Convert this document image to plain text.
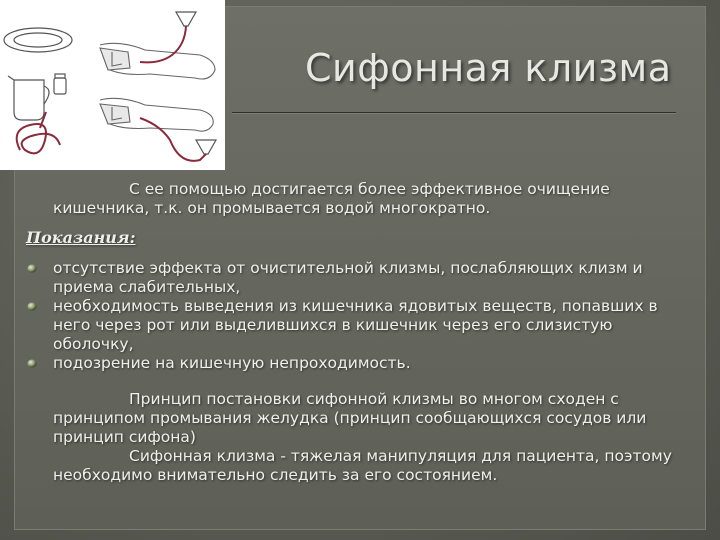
Сифонная клизма

С ее помощью достигается более эффективное очищение кишечника, т.к. он промывается водой многократно.

Показания:
отсутствие эффекта от очистительной клизмы, послабляющих клизм и приема слабительных,
необходимость выведения из кишечника ядовитых веществ, попавших в него через рот или выделившихся в кишечник через его слизистую оболочку,
подозрение на кишечную непроходимость.

Принцип постановки сифонной клизмы во многом сходен с принципом промывания желудка (принцип сообщающихся сосудов или принцип сифона)

Сифонная клизма - тяжелая манипуляция для пациента, поэтому необходимо внимательно следить за его состоянием.
